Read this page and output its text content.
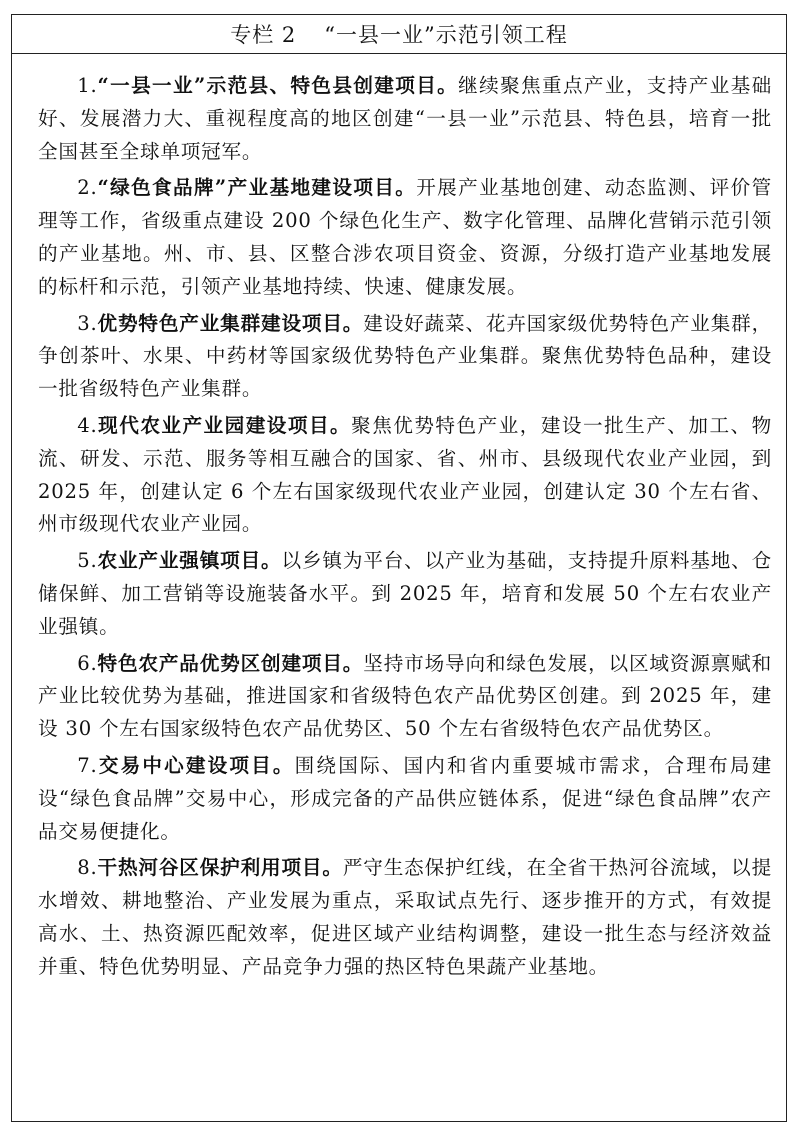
专栏 2 “一县一业”示范引领工程

1.“一县一业”示范县、特色县创建项目。继续聚焦重点产业，支持产业基础好、发展潜力大、重视程度高的地区创建“一县一业”示范县、特色县，培育一批全国甚至全球单项冠军。

2.“绿色食品牌”产业基地建设项目。开展产业基地创建、动态监测、评价管理等工作，省级重点建设 200 个绿色化生产、数字化管理、品牌化营销示范引领的产业基地。州、市、县、区整合涉农项目资金、资源，分级打造产业基地发展的标杆和示范，引领产业基地持续、快速、健康发展。

3.优势特色产业集群建设项目。建设好蔬菜、花卉国家级优势特色产业集群，争创茶叶、水果、中药材等国家级优势特色产业集群。聚焦优势特色品种，建设一批省级特色产业集群。

4.现代农业产业园建设项目。聚焦优势特色产业，建设一批生产、加工、物流、研发、示范、服务等相互融合的国家、省、州市、县级现代农业产业园，到 2025 年，创建认定 6 个左右国家级现代农业产业园，创建认定 30 个左右省、州市级现代农业产业园。

5.农业产业强镇项目。以乡镇为平台、以产业为基础，支持提升原料基地、仓储保鲜、加工营销等设施装备水平。到 2025 年，培育和发展 50 个左右农业产业强镇。

6.特色农产品优势区创建项目。坚持市场导向和绿色发展，以区域资源禀赋和产业比较优势为基础，推进国家和省级特色农产品优势区创建。到 2025 年，建设 30 个左右国家级特色农产品优势区、50 个左右省级特色农产品优势区。

7.交易中心建设项目。围绕国际、国内和省内重要城市需求，合理布局建设“绿色食品牌”交易中心，形成完备的产品供应链体系，促进“绿色食品牌”农产品交易便捷化。

8.干热河谷区保护利用项目。严守生态保护红线，在全省干热河谷流域，以提水增效、耕地整治、产业发展为重点，采取试点先行、逐步推开的方式，有效提高水、土、热资源匹配效率，促进区域产业结构调整，建设一批生态与经济效益并重、特色优势明显、产品竞争力强的热区特色果蔬产业基地。
